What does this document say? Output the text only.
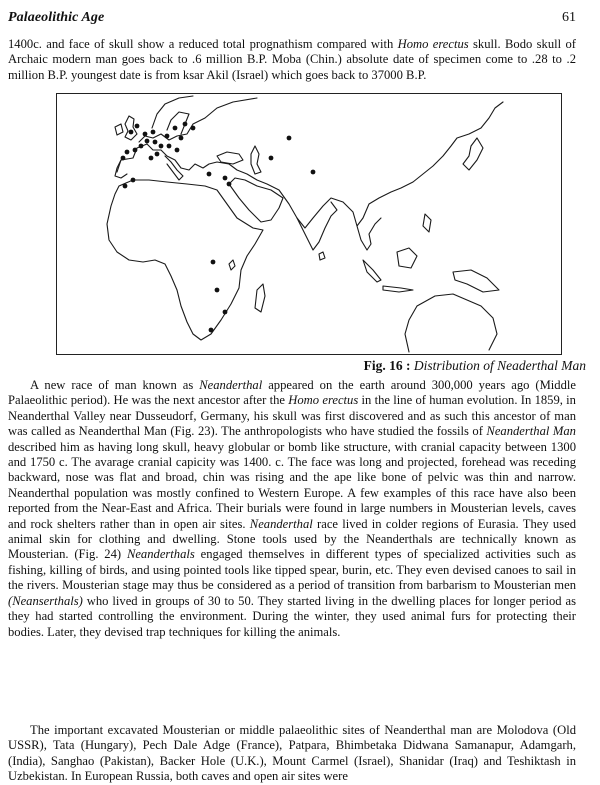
Palaeolithic Age	61

1400c. and face of skull show a reduced total prognathism compared with Homo erectus skull. Bodo skull of Archaic modern man goes back to .6 million B.P. Moba (Chin.) absolute date of specimen come to .28 to .2 million B.P. youngest date is from ksar Akil (Israel) which goes back to 37000 B.P.

Fig. 16 : Distribution of Neaderthal Man

A new race of man known as Neanderthal appeared on the earth around 300,000 years ago (Middle Palaeolithic period). He was the next ancestor after the Homo erectus in the line of human evolution. In 1859, in Neanderthal Valley near Dusseudorf, Germany, his skull was first discovered and as such this ancestor of man was called as Neanderthal Man (Fig. 23). The anthropologists who have studied the fossils of Neanderthal Man described him as having long skull, heavy globular or bomb like structure, with cranial capacity between 1300 and 1750 c. The avarage cranial capicity was 1400. c. The face was long and projected, forehead was receding backward, nose was flat and broad, chin was rising and the ape like bone of pelvic was thin and narrow. Neanderthal population was mostly confined to Western Europe. A few examples of this race have also been reported from the Near-East and Africa. Their burials were found in large numbers in Mousterian levels, caves and rock shelters rather than in open air sites. Neanderthal race lived in colder regions of Eurasia. They used animal skin for clothing and dwelling. Stone tools used by the Neanderthals are technically known as Mousterian. (Fig. 24) Neanderthals engaged themselves in different types of specialized activities such as fishing, killing of birds, and using pointed tools like tipped spear, burin, etc. They even devised canoes to sail in the rivers. Mousterian stage may thus be considered as a period of transition from barbarism to Mousterian men (Neanserthals) who lived in groups of 30 to 50. They started living in the dwelling places for longer period as they had started controlling the environment. During the winter, they used animal furs for protecting their bodies. Later, they devised trap techniques for killing the animals.

The important excavated Mousterian or middle palaeolithic sites of Neanderthal man are Molodova (Old USSR), Tata (Hungary), Pech Dale Adge (France), Patpara, Bhimbetaka Didwana Samanapur, Adamgarh, (India), Sanghao (Pakistan), Backer Hole (U.K.), Mount Carmel (Israel), Shanidar (Iraq) and Teshiktash in Uzbekistan. In European Russia, both caves and open air sites were
